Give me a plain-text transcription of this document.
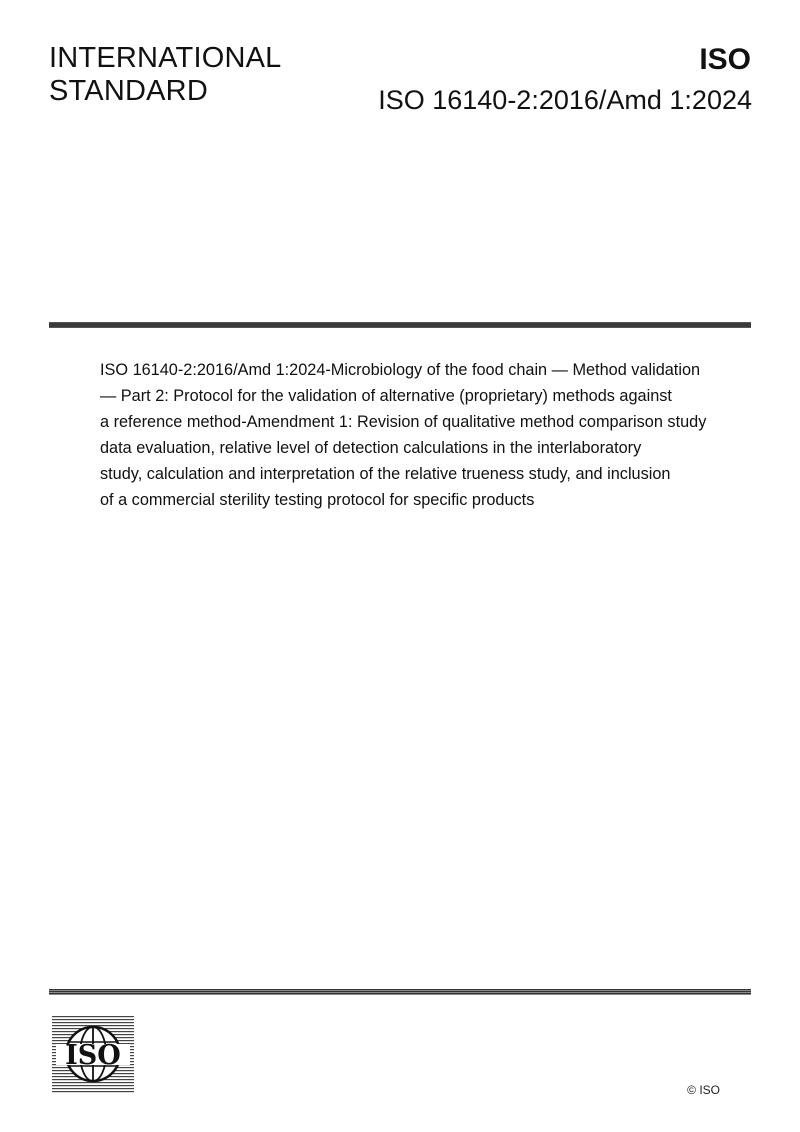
INTERNATIONAL
STANDARD
ISO
ISO 16140-2:2016/Amd 1:2024
ISO 16140-2:2016/Amd 1:2024-Microbiology of the food chain — Method validation
— Part 2: Protocol for the validation of alternative (proprietary) methods against
a reference method-Amendment 1: Revision of qualitative method comparison study
data evaluation, relative level of detection calculations in the interlaboratory
study, calculation and interpretation of the relative trueness study, and inclusion
of a commercial sterility testing protocol for specific products
ISO
© ISO
